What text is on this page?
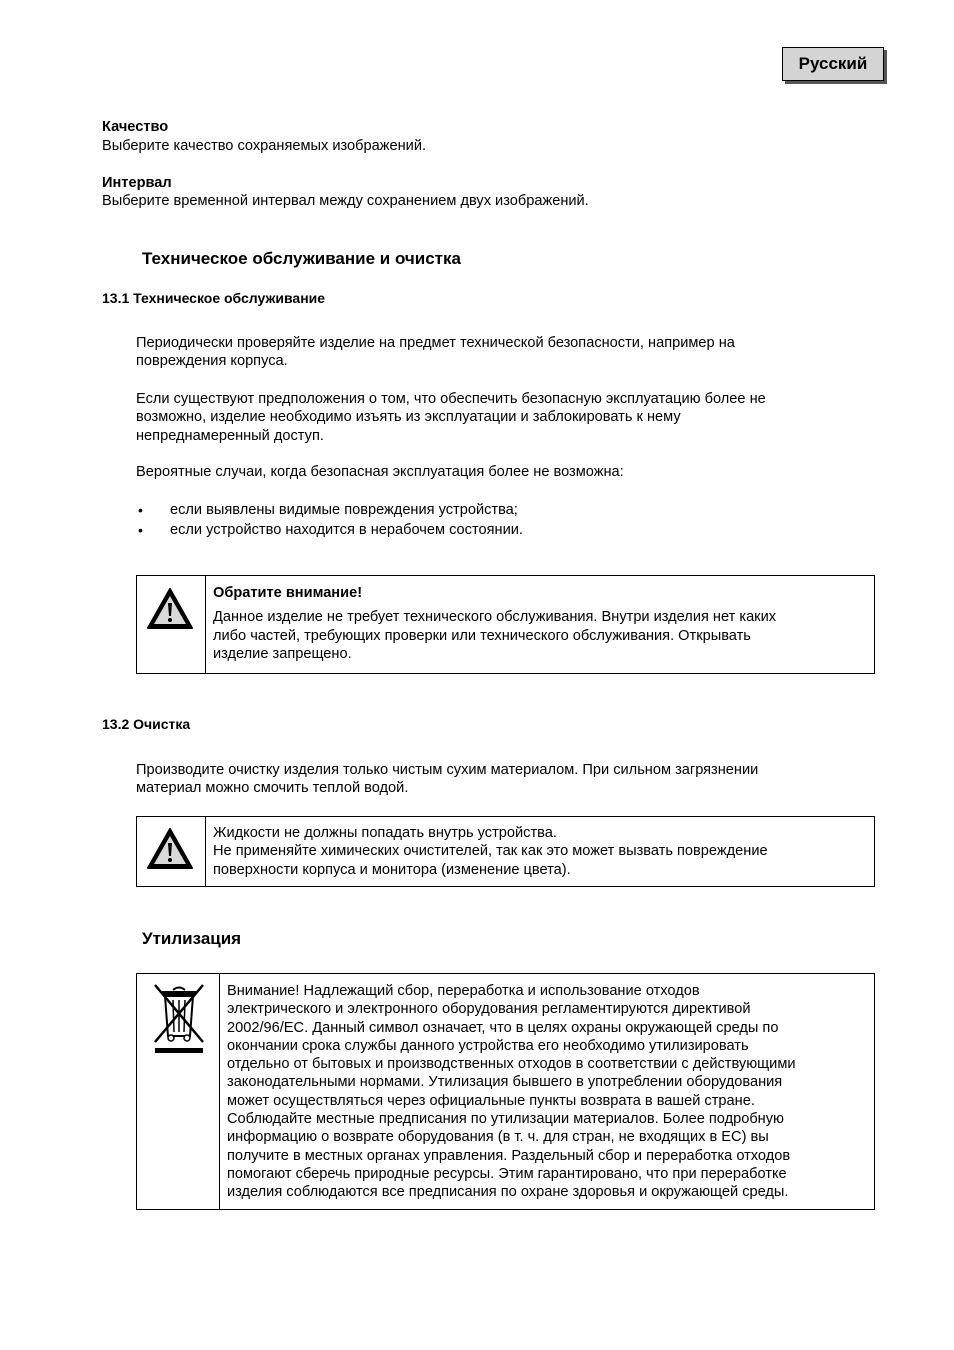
Русский
Качество
Выберите качество сохраняемых изображений.
Интервал
Выберите временной интервал между сохранением двух изображений.
Техническое обслуживание и очистка
13.1 Техническое обслуживание
Периодически проверяйте изделие на предмет технической безопасности, например на
повреждения корпуса.
Если существуют предположения о том, что обеспечить безопасную эксплуатацию более не
возможно, изделие необходимо изъять из эксплуатации и заблокировать к нему
непреднамеренный доступ.
Вероятные случаи, когда безопасная эксплуатация более не возможна:
• если выявлены видимые повреждения устройства;
• если устройство находится в нерабочем состоянии.
Обратите внимание!
Данное изделие не требует технического обслуживания. Внутри изделия нет каких
либо частей, требующих проверки или технического обслуживания. Открывать
изделие запрещено.
13.2 Очистка
Производите очистку изделия только чистым сухим материалом. При сильном загрязнении
материал можно смочить теплой водой.
Жидкости не должны попадать внутрь устройства.
Не применяйте химических очистителей, так как это может вызвать повреждение
поверхности корпуса и монитора (изменение цвета).
Утилизация
Внимание! Надлежащий сбор, переработка и использование отходов
электрического и электронного оборудования регламентируются директивой
2002/96/ЕС. Данный символ означает, что в целях охраны окружающей среды по
окончании срока службы данного устройства его необходимо утилизировать
отдельно от бытовых и производственных отходов в соответствии с действующими
законодательными нормами. Утилизация бывшего в употреблении оборудования
может осуществляться через официальные пункты возврата в вашей стране.
Соблюдайте местные предписания по утилизации материалов. Более подробную
информацию о возврате оборудования (в т. ч. для стран, не входящих в ЕС) вы
получите в местных органах управления. Раздельный сбор и переработка отходов
помогают сберечь природные ресурсы. Этим гарантировано, что при переработке
изделия соблюдаются все предписания по охране здоровья и окружающей среды.
